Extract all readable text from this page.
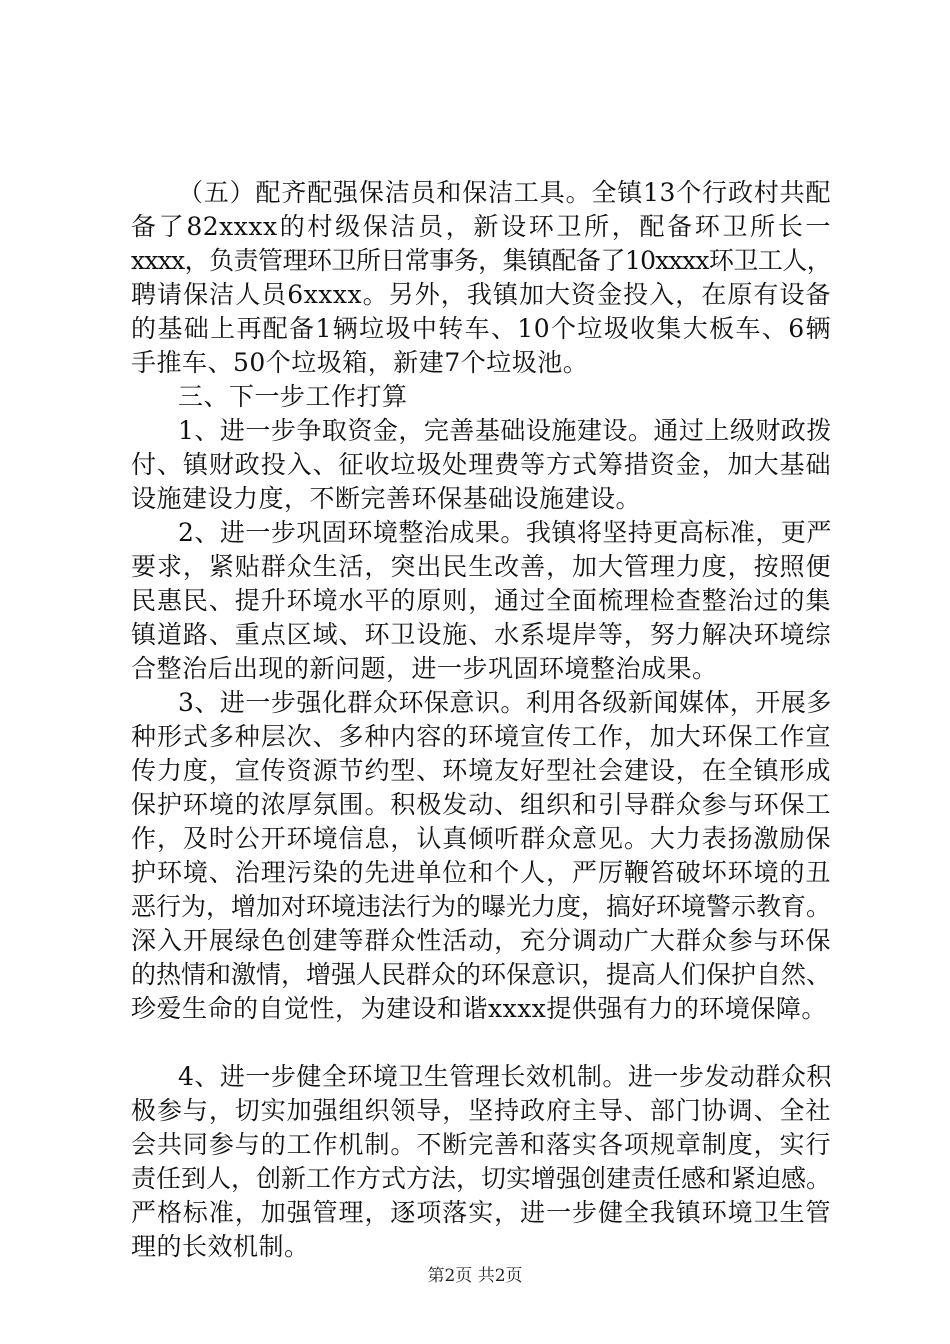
（五）配齐配强保洁员和保洁工具。全镇13个行政村共配
备了82xxxx的村级保洁员，新设环卫所，配备环卫所长一
xxxx，负责管理环卫所日常事务，集镇配备了10xxxx环卫工人，
聘请保洁人员6xxxx。另外，我镇加大资金投入，在原有设备
的基础上再配备1辆垃圾中转车、10个垃圾收集大板车、6辆
手推车、50个垃圾箱，新建7个垃圾池。
三、下一步工作打算
1、进一步争取资金，完善基础设施建设。通过上级财政拨
付、镇财政投入、征收垃圾处理费等方式筹措资金，加大基础
设施建设力度，不断完善环保基础设施建设。
2、进一步巩固环境整治成果。我镇将坚持更高标准，更严
要求，紧贴群众生活，突出民生改善，加大管理力度，按照便
民惠民、提升环境水平的原则，通过全面梳理检查整治过的集
镇道路、重点区域、环卫设施、水系堤岸等，努力解决环境综
合整治后出现的新问题，进一步巩固环境整治成果。
3、进一步强化群众环保意识。利用各级新闻媒体，开展多
种形式多种层次、多种内容的环境宣传工作，加大环保工作宣
传力度，宣传资源节约型、环境友好型社会建设，在全镇形成
保护环境的浓厚氛围。积极发动、组织和引导群众参与环保工
作，及时公开环境信息，认真倾听群众意见。大力表扬激励保
护环境、治理污染的先进单位和个人，严厉鞭笞破坏环境的丑
恶行为，增加对环境违法行为的曝光力度，搞好环境警示教育。
深入开展绿色创建等群众性活动，充分调动广大群众参与环保
的热情和激情，增强人民群众的环保意识，提高人们保护自然、
珍爱生命的自觉性，为建设和谐xxxx提供强有力的环境保障。
4、进一步健全环境卫生管理长效机制。进一步发动群众积
极参与，切实加强组织领导，坚持政府主导、部门协调、全社
会共同参与的工作机制。不断完善和落实各项规章制度，实行
责任到人，创新工作方式方法，切实增强创建责任感和紧迫感。
严格标准，加强管理，逐项落实，进一步健全我镇环境卫生管
理的长效机制。
第2页 共2页
